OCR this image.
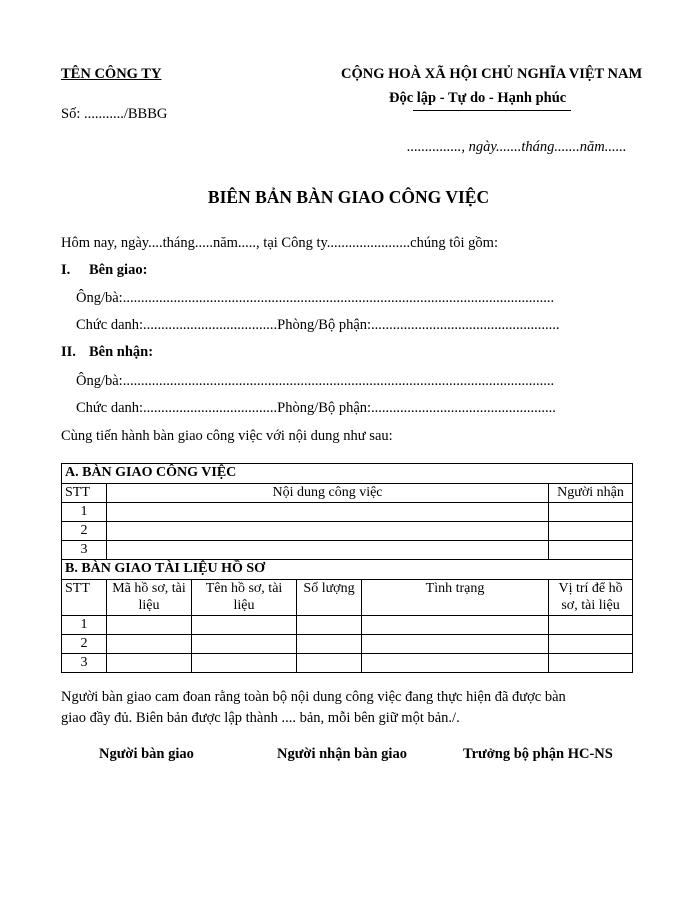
TÊN CÔNG TY
Số: .........../BBBG
CỘNG HOÀ XÃ HỘI CHỦ NGHĨA VIỆT NAM
Độc lập - Tự do - Hạnh phúc
..............., ngày.......tháng.......năm......
BIÊN BẢN BÀN GIAO CÔNG VIỆC
Hôm nay, ngày....tháng.....năm....., tại Công ty.......................chúng tôi gồm:
I. Bên giao:
Ông/bà:.......................................................................................................................
Chức danh:.....................................Phòng/Bộ phận:....................................................
II. Bên nhận:
Ông/bà:.......................................................................................................................
Chức danh:.....................................Phòng/Bộ phận:...................................................
Cùng tiến hành bàn giao công việc với nội dung như sau:
A. BÀN GIAO CÔNG VIỆC		
STT	Nội dung công việc	Người nhận
1		
2		
3		
B. BÀN GIAO TÀI LIỆU HỒ SƠ					
STT	Mã hồ sơ, tài liệu	Tên hồ sơ, tài liệu	Số lượng	Tình trạng	Vị trí để hồ sơ, tài liệu
1					
2					
3					
Người bàn giao cam đoan rằng toàn bộ nội dung công việc đang thực hiện đã được bàn
giao đầy đủ. Biên bản được lập thành .... bản, mỗi bên giữ một bản./.
Người bàn giao	Người nhận bàn giao	Trưởng bộ phận HC-NS
